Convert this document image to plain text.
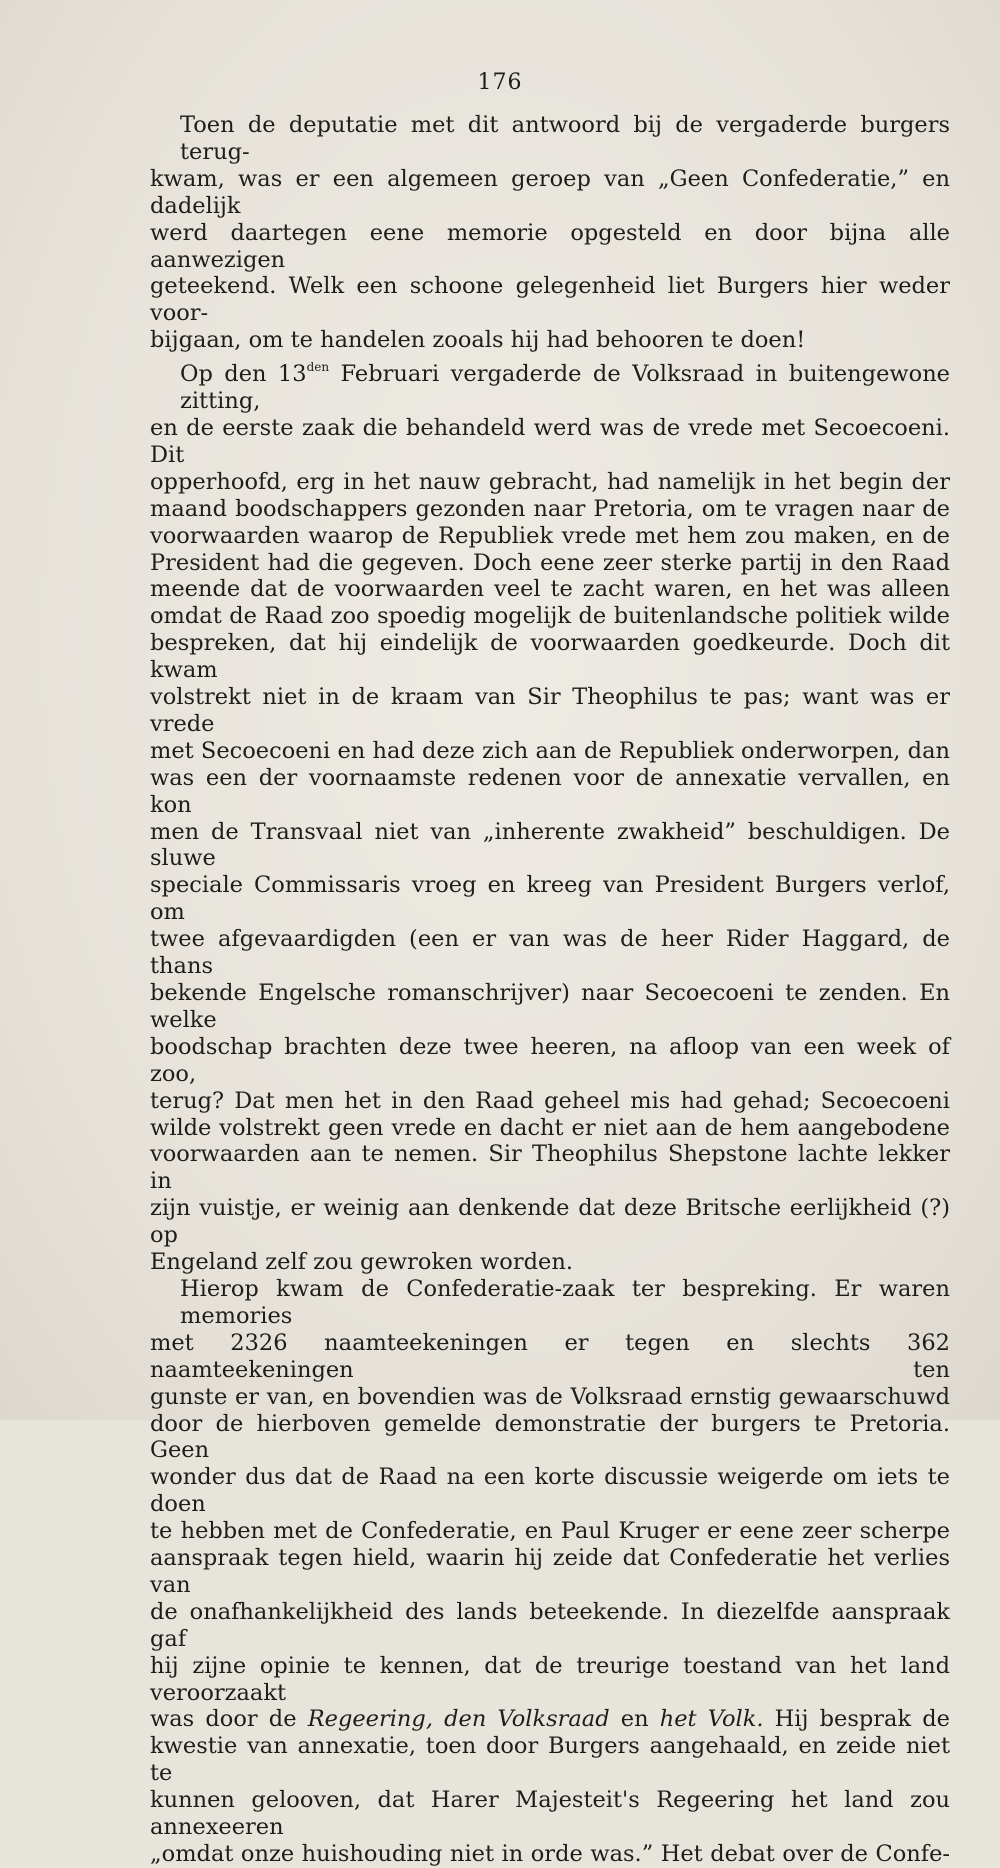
176

Toen de deputatie met dit antwoord bij de vergaderde burgers terug-
kwam, was er een algemeen geroep van „Geen Confederatie,” en dadelijk
werd daartegen eene memorie opgesteld en door bijna alle aanwezigen
geteekend. Welk een schoone gelegenheid liet Burgers hier weder voor-
bijgaan, om te handelen zooals hij had behooren te doen!

Op den $13^{den}$ Februari vergaderde de Volksraad in buitengewone zitting,
en de eerste zaak die behandeld werd was de vrede met Secoecoeni. Dit
opperhoofd, erg in het nauw gebracht, had namelijk in het begin der
maand boodschappers gezonden naar Pretoria, om te vragen naar de
voorwaarden waarop de Republiek vrede met hem zou maken, en de
President had die gegeven. Doch eene zeer sterke partij in den Raad
meende dat de voorwaarden veel te zacht waren, en het was alleen
omdat de Raad zoo spoedig mogelijk de buitenlandsche politiek wilde
bespreken, dat hij eindelijk de voorwaarden goedkeurde. Doch dit kwam
volstrekt niet in de kraam van Sir Theophilus te pas; want was er vrede
met Secoecoeni en had deze zich aan de Republiek onderworpen, dan
was een der voornaamste redenen voor de annexatie vervallen, en kon
men de Transvaal niet van „inherente zwakheid” beschuldigen. De sluwe
speciale Commissaris vroeg en kreeg van President Burgers verlof, om
twee afgevaardigden (een er van was de heer Rider Haggard, de thans
bekende Engelsche romanschrijver) naar Secoecoeni te zenden. En welke
boodschap brachten deze twee heeren, na afloop van een week of zoo,
terug? Dat men het in den Raad geheel mis had gehad; Secoecoeni
wilde volstrekt geen vrede en dacht er niet aan de hem aangebodene
voorwaarden aan te nemen. Sir Theophilus Shepstone lachte lekker in
zijn vuistje, er weinig aan denkende dat deze Britsche eerlijkheid (?) op
Engeland zelf zou gewroken worden.

Hierop kwam de Confederatie-zaak ter bespreking. Er waren memories
met 2326 naamteekeningen er tegen en slechts 362 naamteekeningen ten
gunste er van, en bovendien was de Volksraad ernstig gewaarschuwd
door de hierboven gemelde demonstratie der burgers te Pretoria. Geen
wonder dus dat de Raad na een korte discussie weigerde om iets te doen
te hebben met de Confederatie, en Paul Kruger er eene zeer scherpe
aanspraak tegen hield, waarin hij zeide dat Confederatie het verlies van
de onafhankelijkheid des lands beteekende. In diezelfde aanspraak gaf
hij zijne opinie te kennen, dat de treurige toestand van het land veroorzaakt
was door de Regeering, den Volksraad en het Volk. Hij besprak de
kwestie van annexatie, toen door Burgers aangehaald, en zeide niet te
kunnen gelooven, dat Harer Majesteit's Regeering het land zou annexeeren
„omdat onze huishouding niet in orde was.” Het debat over de Confe-
